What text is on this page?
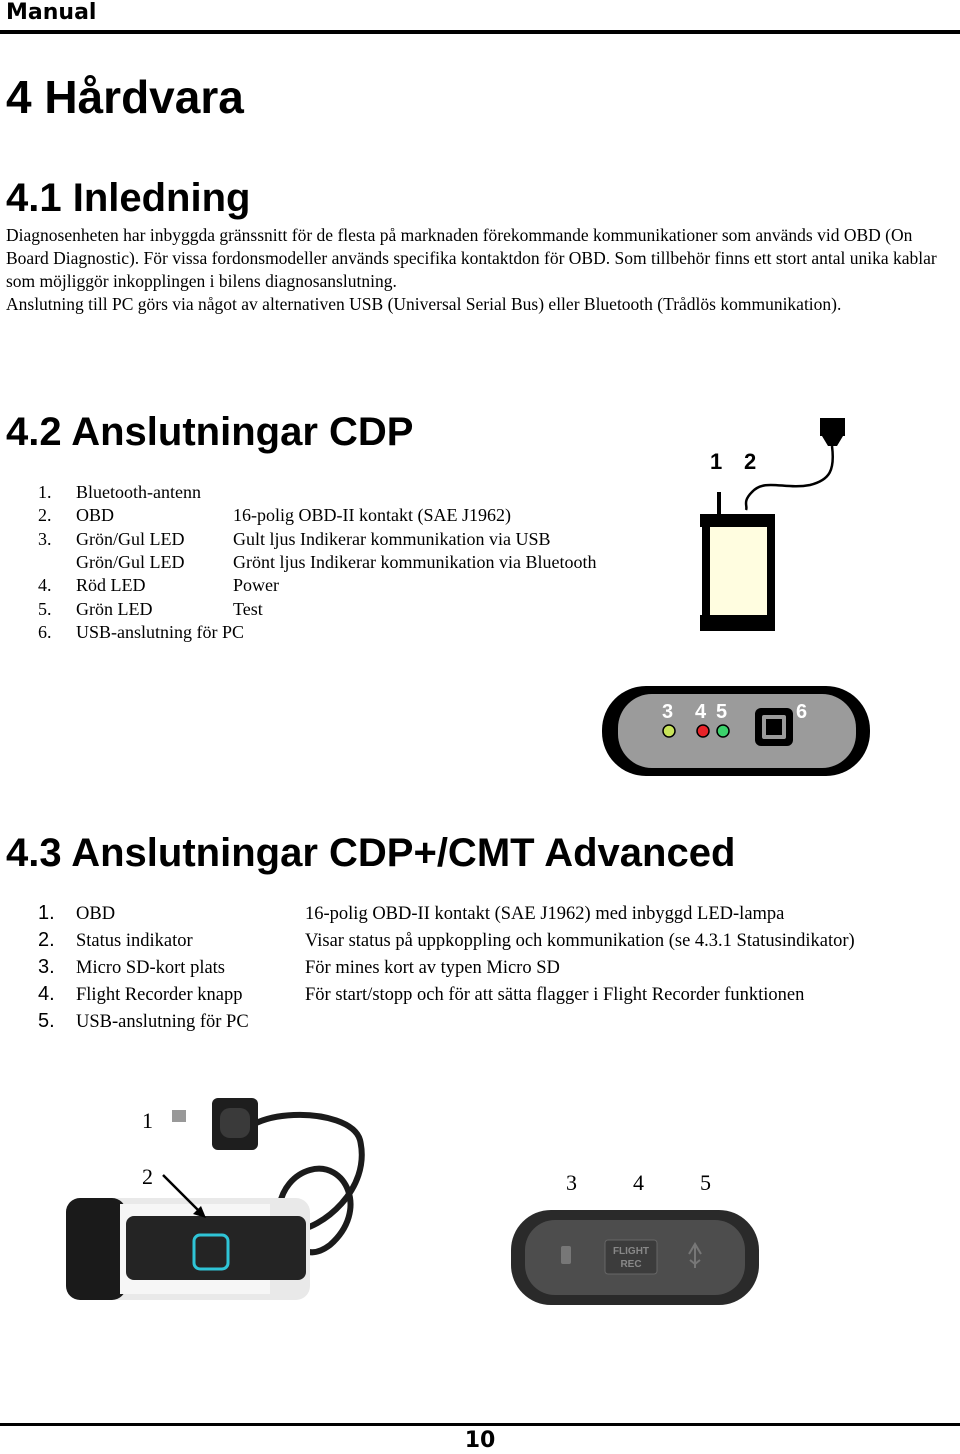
Manual
4 Hårdvara
4.1 Inledning

Diagnosenheten har inbyggda gränssnitt för de flesta på marknaden förekommande kommunikationer som används vid OBD (On Board Diagnostic). För vissa fordonsmodeller används specifika kontaktdon för OBD. Som tillbehör finns ett stort antal unika kablar som möjliggör inkopplingen i bilens diagnosanslutning.

Anslutning till PC görs via något av alternativen USB (Universal Serial Bus) eller Bluetooth (Trådlös kommunikation).

4.2 Anslutningar CDP
1. Bluetooth-antenn
2. OBD	16-polig OBD-II kontakt (SAE J1962)
3. Grön/Gul LED	Gult ljus Indikerar kommunikation via USB
Grön/Gul LED	Grönt ljus Indikerar kommunikation via Bluetooth
4. Röd LED	Power
5. Grön LED	Test
6. USB-anslutning för PC
1 2
3 4 5	6
4.3 Anslutningar CDP+/CMT Advanced
1. OBD	16-polig OBD-II kontakt (SAE J1962) med inbyggd LED-lampa
2. Status indikator	Visar status på uppkoppling och kommunikation (se 4.3.1 Statusindikator)
3. Micro SD-kort plats	För mines kort av typen Micro SD
4. Flight Recorder knapp	För start/stopp och för att sätta flagger i Flight Recorder funktionen
5. USB-anslutning för PC
1
2	3	4	5
FLIGHT
REC
10
